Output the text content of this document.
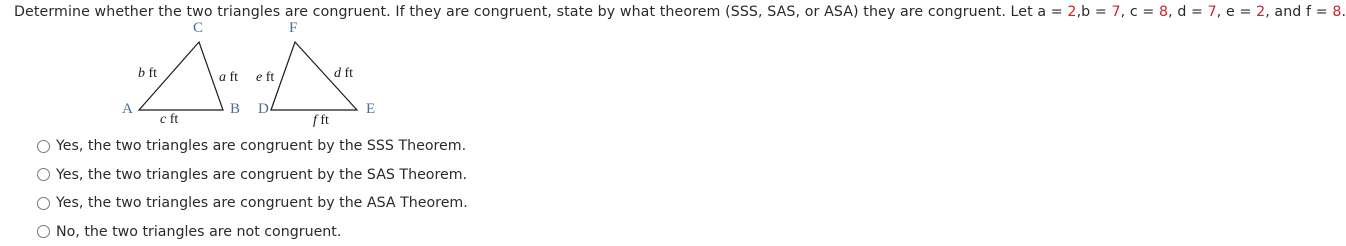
Determine whether the two triangles are congruent. If they are congruent, state by what theorem (SSS, SAS, or ASA) they are congruent. Let a = 2,b = 7, c = 8, d = 7, e = 2, and f = 8.
C
A	B
F
D	E
b ft	a ft
c ft
e ft	d ft
f ft
Yes, the two triangles are congruent by the SSS Theorem.
Yes, the two triangles are congruent by the SAS Theorem.
Yes, the two triangles are congruent by the ASA Theorem.
No, the two triangles are not congruent.
